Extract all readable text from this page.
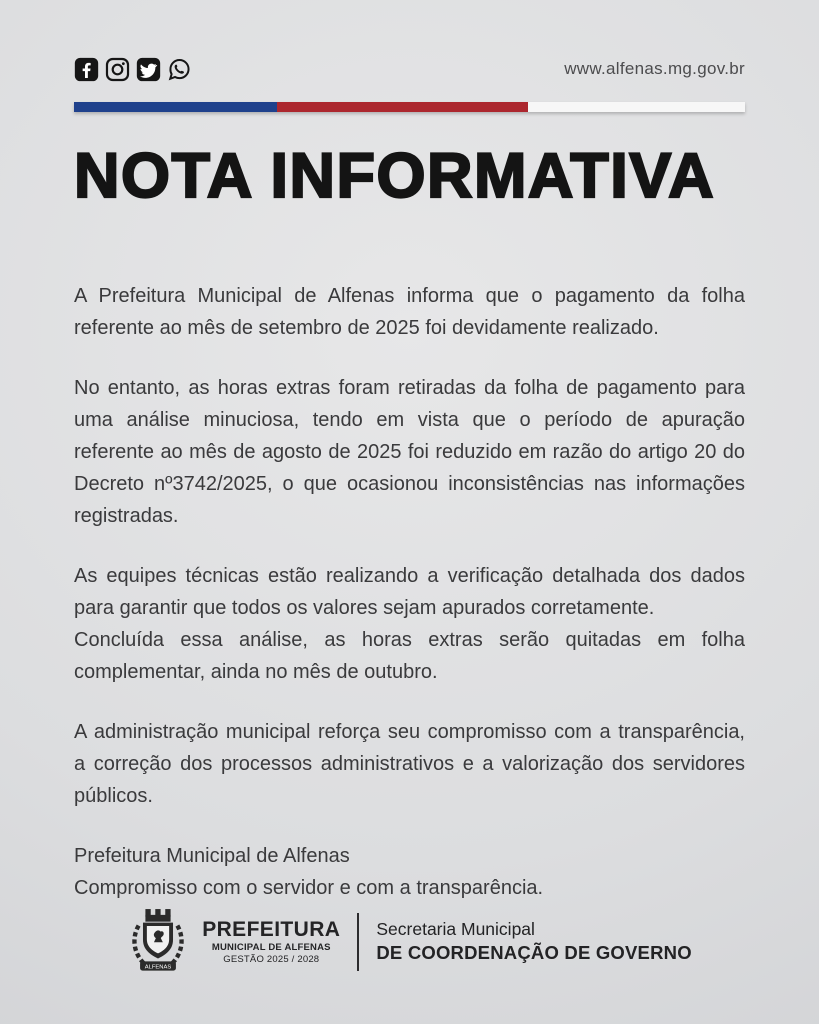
www.alfenas.mg.gov.br
NOTA INFORMATIVA

A Prefeitura Municipal de Alfenas informa que o pagamento da folha referente ao mês de setembro de 2025 foi devidamente realizado.

No entanto, as horas extras foram retiradas da folha de pagamento para uma análise minuciosa, tendo em vista que o período de apuração referente ao mês de agosto de 2025 foi reduzido em razão do artigo 20 do Decreto nº3742/2025, o que ocasionou inconsistências nas informações registradas.

As equipes técnicas estão realizando a verificação detalhada dos dados para garantir que todos os valores sejam apurados corretamente.

Concluída essa análise, as horas extras serão quitadas em folha complementar, ainda no mês de outubro.

A administração municipal reforça seu compromisso com a transparência, a correção dos processos administrativos e a valorização dos servidores públicos.

Prefeitura Municipal de Alfenas
Compromisso com o servidor e com a transparência.
ALFENAS
PREFEITURA
MUNICIPAL DE ALFENAS
GESTÃO 2025 / 2028
Secretaria Municipal
DE COORDENAÇÃO DE GOVERNO
